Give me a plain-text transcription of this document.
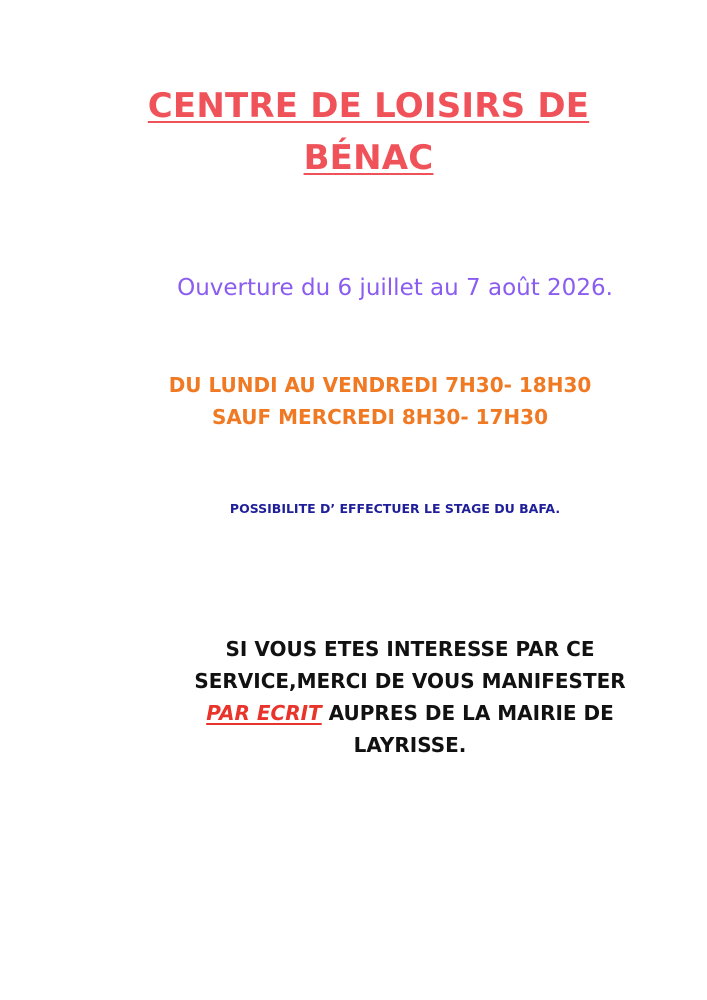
CENTRE DE LOISIRS DE
BÉNAC

Ouverture du 6 juillet au 7 août 2026.

DU LUNDI AU VENDREDI 7H30- 18H30
SAUF MERCREDI 8H30- 17H30

POSSIBILITE D’ EFFECTUER LE STAGE DU BAFA.

SI VOUS ETES INTERESSE PAR CE
SERVICE,MERCI DE VOUS MANIFESTER
PAR ECRIT AUPRES DE LA MAIRIE DE
LAYRISSE.
